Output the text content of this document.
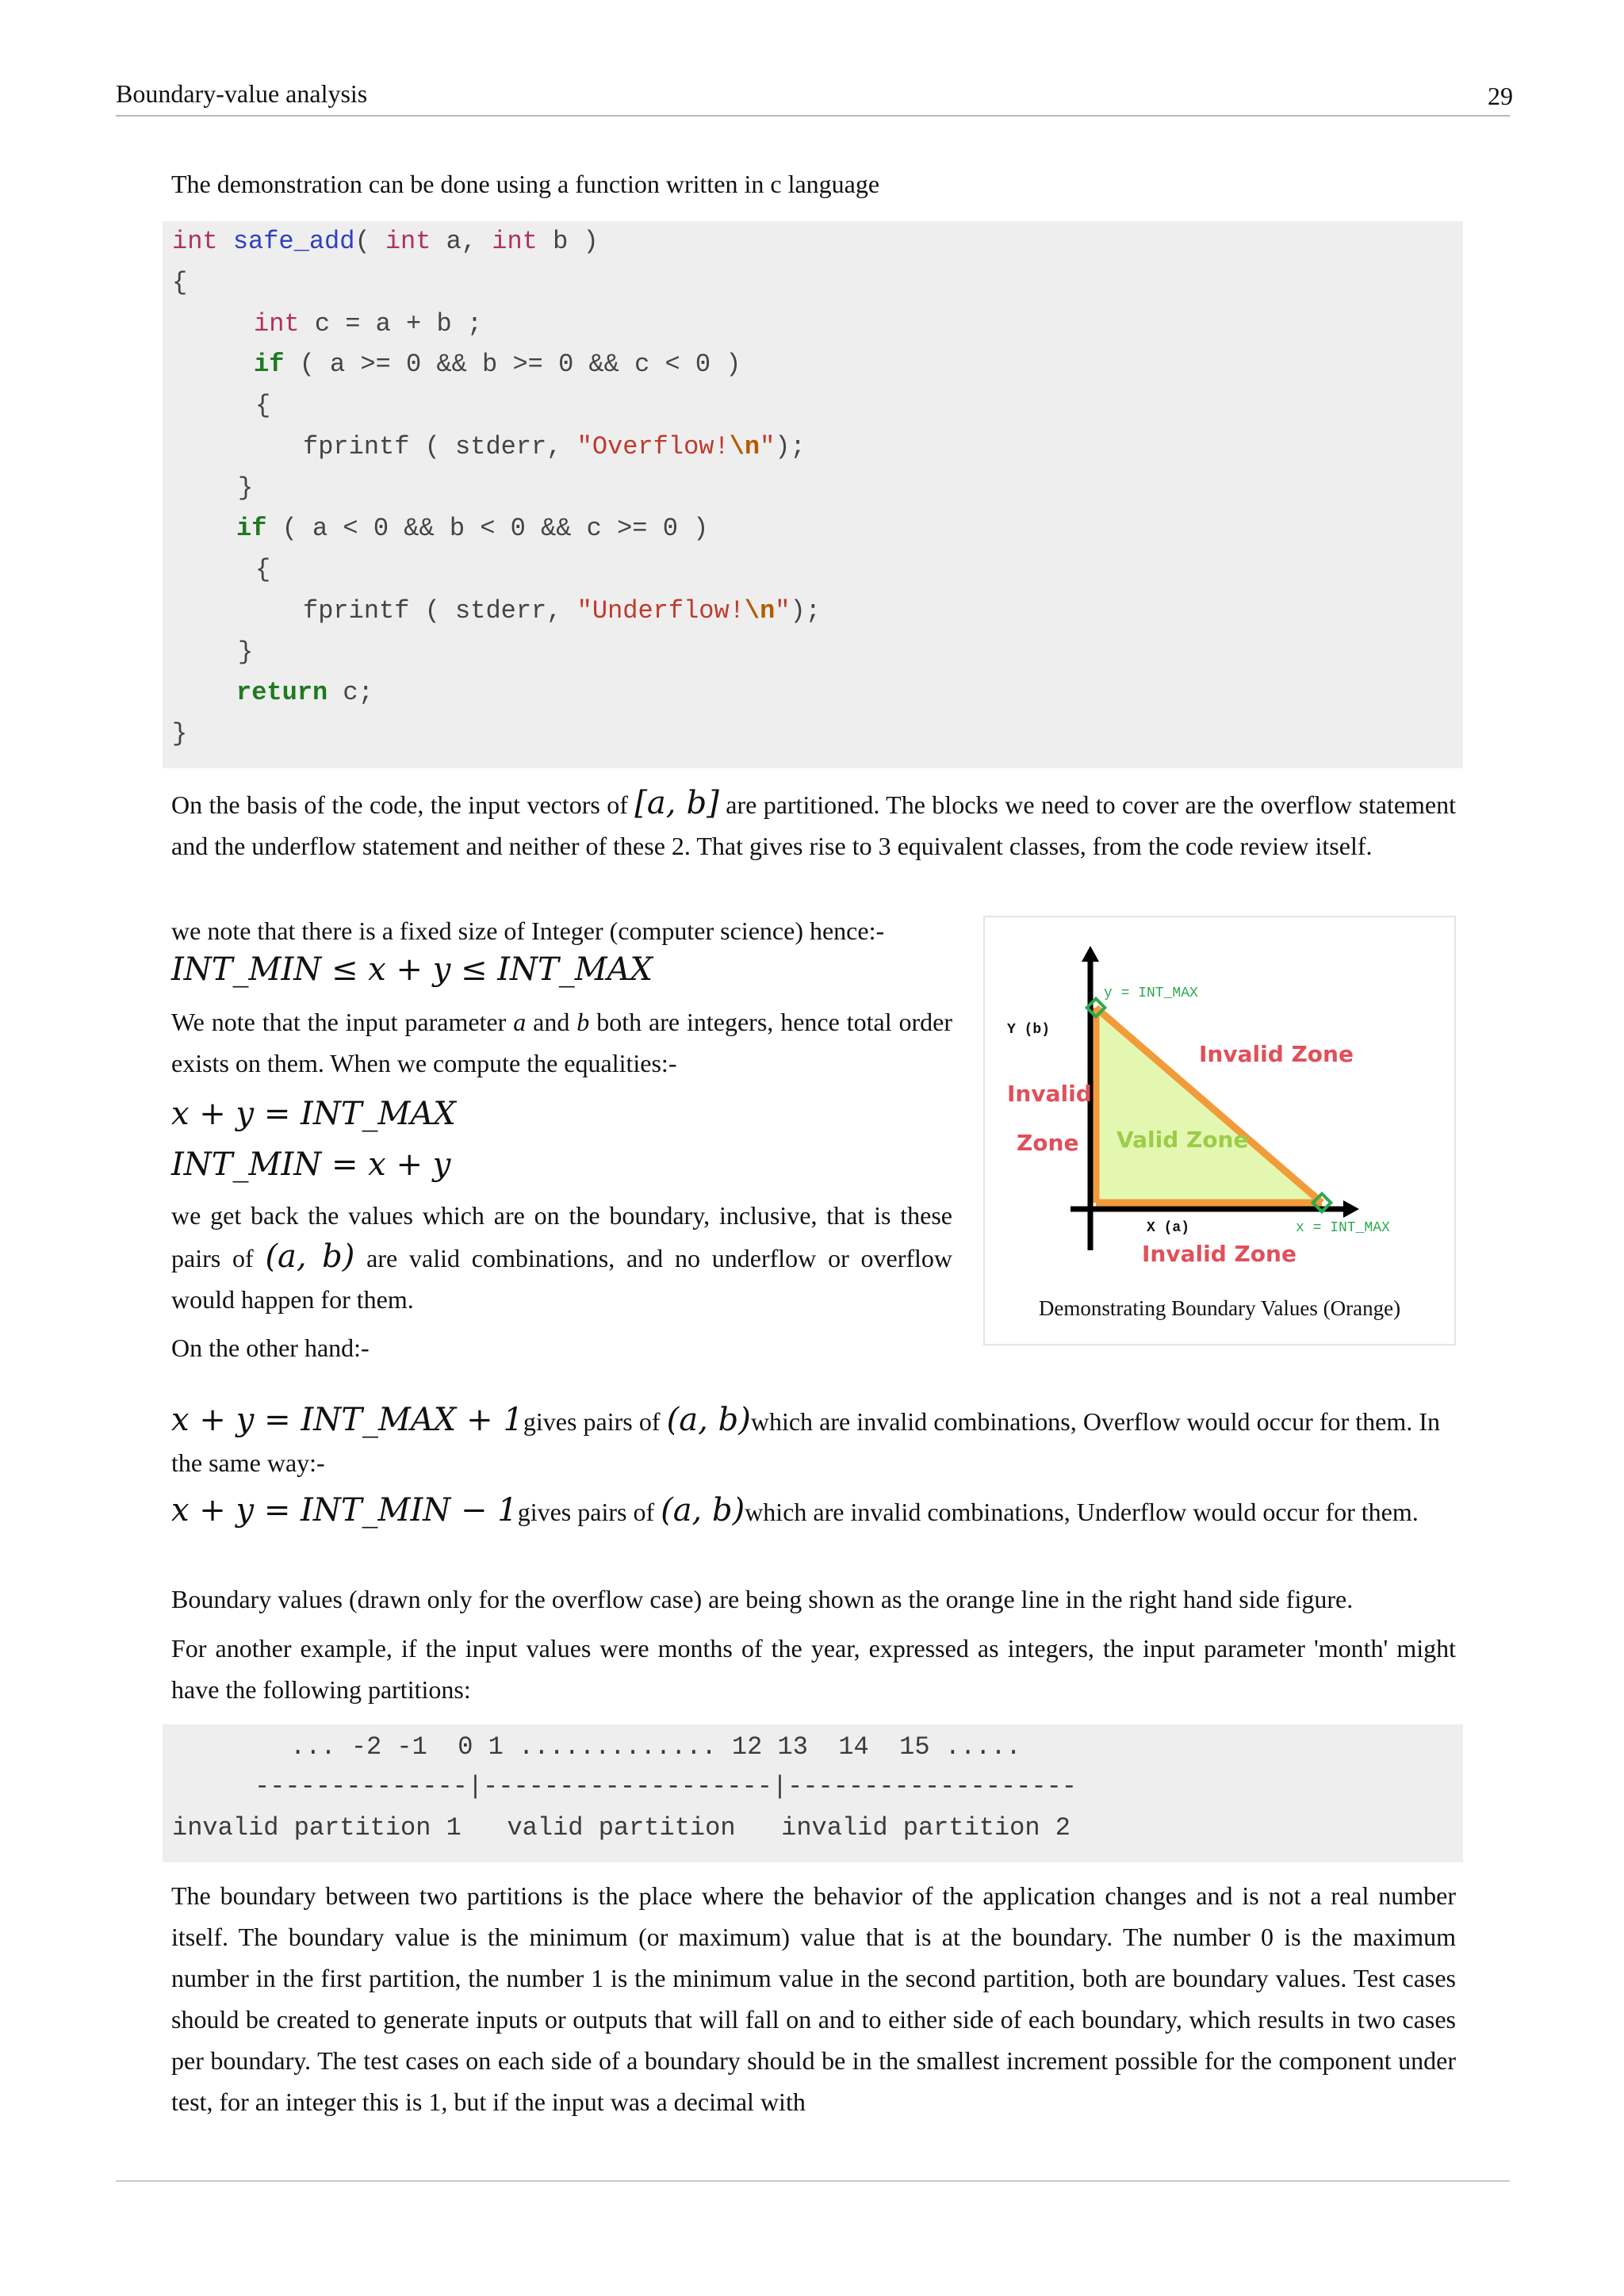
Boundary-value analysis	29
The demonstration can be done using a function written in c language
int safe_add( int a, int b )
{
int c = a + b ;
if ( a >= 0 && b >= 0 && c < 0 )
{
fprintf ( stderr, "Overflow!\n");
}
if ( a < 0 && b < 0 && c >= 0 )
{
fprintf ( stderr, "Underflow!\n");
}
return c;
}
On the basis of the code, the input vectors of [a, b] are partitioned. The blocks we need to cover are the overflow statement and the underflow statement and neither of these 2. That gives rise to 3 equivalent classes, from the code review itself.
we note that there is a fixed size of Integer (computer science) hence:-
INT_MIN ≤ x + y ≤ INT_MAX
We note that the input parameter a and b both are integers, hence total order exists on them. When we compute the equalities:-
x + y = INT_MAX
INT_MIN = x + y
we get back the values which are on the boundary, inclusive, that is these pairs of (a, b) are valid combinations, and no underflow or overflow would happen for them.
On the other hand:-
y = INT_MAX
Y (b)
Invalid Zone
Invalid
Zone Valid Zone
X (a)	x = INT_MAX
Invalid Zone
Demonstrating Boundary Values (Orange)
x + y = INT_MAX + 1gives pairs of (a, b)which are invalid combinations, Overflow would occur for them. In the same way:-
x + y = INT_MIN − 1gives pairs of (a, b)which are invalid combinations, Underflow would occur for them.
Boundary values (drawn only for the overflow case) are being shown as the orange line in the right hand side figure.
For another example, if the input values were months of the year, expressed as integers, the input parameter 'month' might have the following partitions:
... -2 -1  0 1 ............. 12 13  14  15 .....
--------------|-------------------|-------------------
invalid partition 1   valid partition   invalid partition 2
The boundary between two partitions is the place where the behavior of the application changes and is not a real number itself. The boundary value is the minimum (or maximum) value that is at the boundary. The number 0 is the maximum number in the first partition, the number 1 is the minimum value in the second partition, both are boundary values. Test cases should be created to generate inputs or outputs that will fall on and to either side of each boundary, which results in two cases per boundary. The test cases on each side of a boundary should be in the smallest increment possible for the component under test, for an integer this is 1, but if the input was a decimal with
